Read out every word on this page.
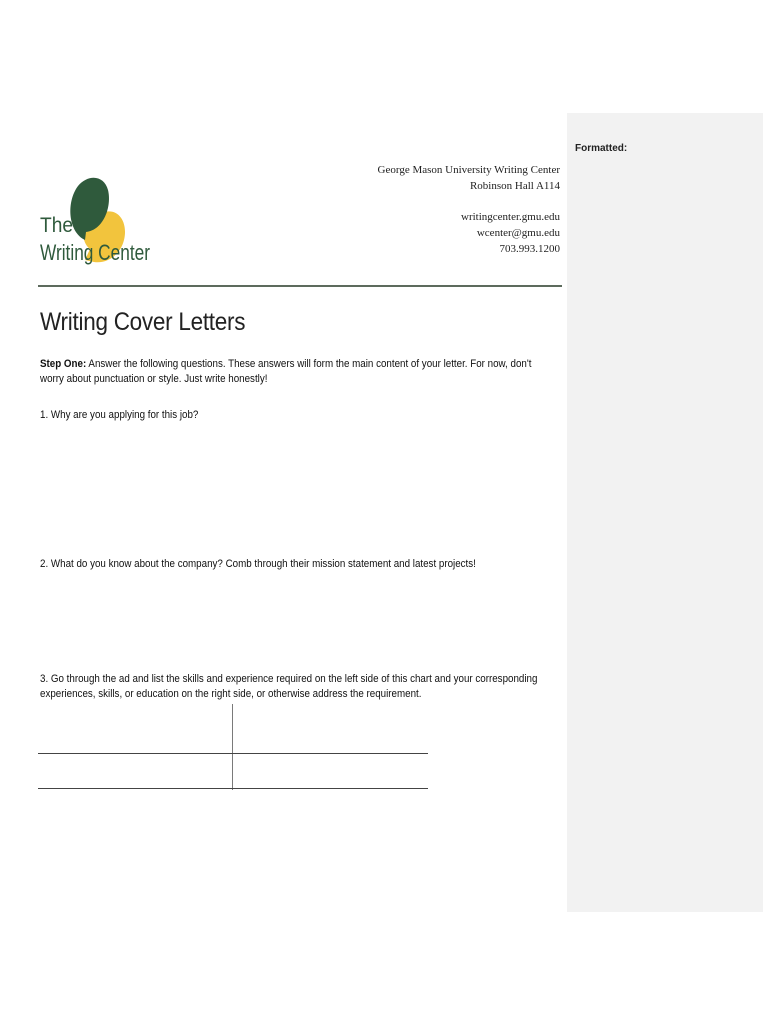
Formatted:
The
Writing Center
George Mason University Writing Center
Robinson Hall A114
writingcenter.gmu.edu
wcenter@gmu.edu
703.993.1200
Writing Cover Letters

Step One: Answer the following questions. These answers will form the main content of your letter. For now, don't worry about punctuation or style. Just write honestly!

1. Why are you applying for this job?

2. What do you know about the company? Comb through their mission statement and latest projects!

3. Go through the ad and list the skills and experience required on the left side of this chart and your corresponding experiences, skills, or education on the right side, or otherwise address the requirement.
